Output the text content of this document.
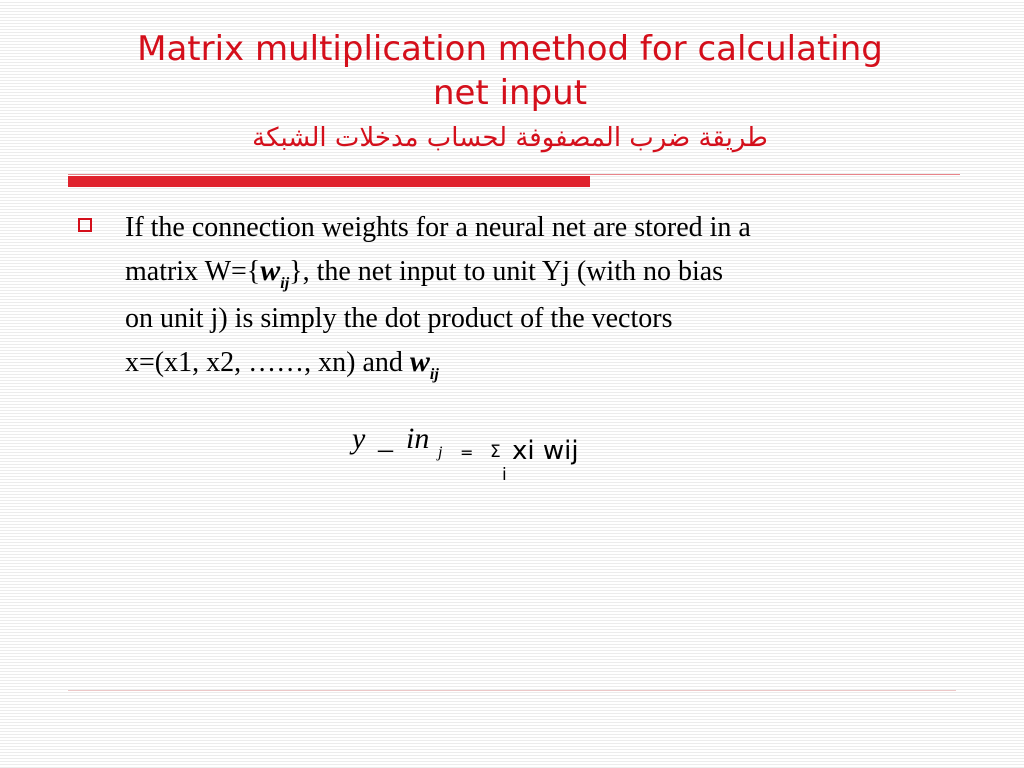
Matrix multiplication method for calculating
net input
طريقة ضرب المصفوفة لحساب مدخلات الشبكة

If the connection weights for a neural net are stored in a
matrix $W=\{w_{ij}\}$, the net input to unit Yj (with no bias
on unit j) is simply the dot product of the vectors
x=(x1, x2, ……, xn) and $w_{ij}$

y _ in j = Σ xi wij
i
